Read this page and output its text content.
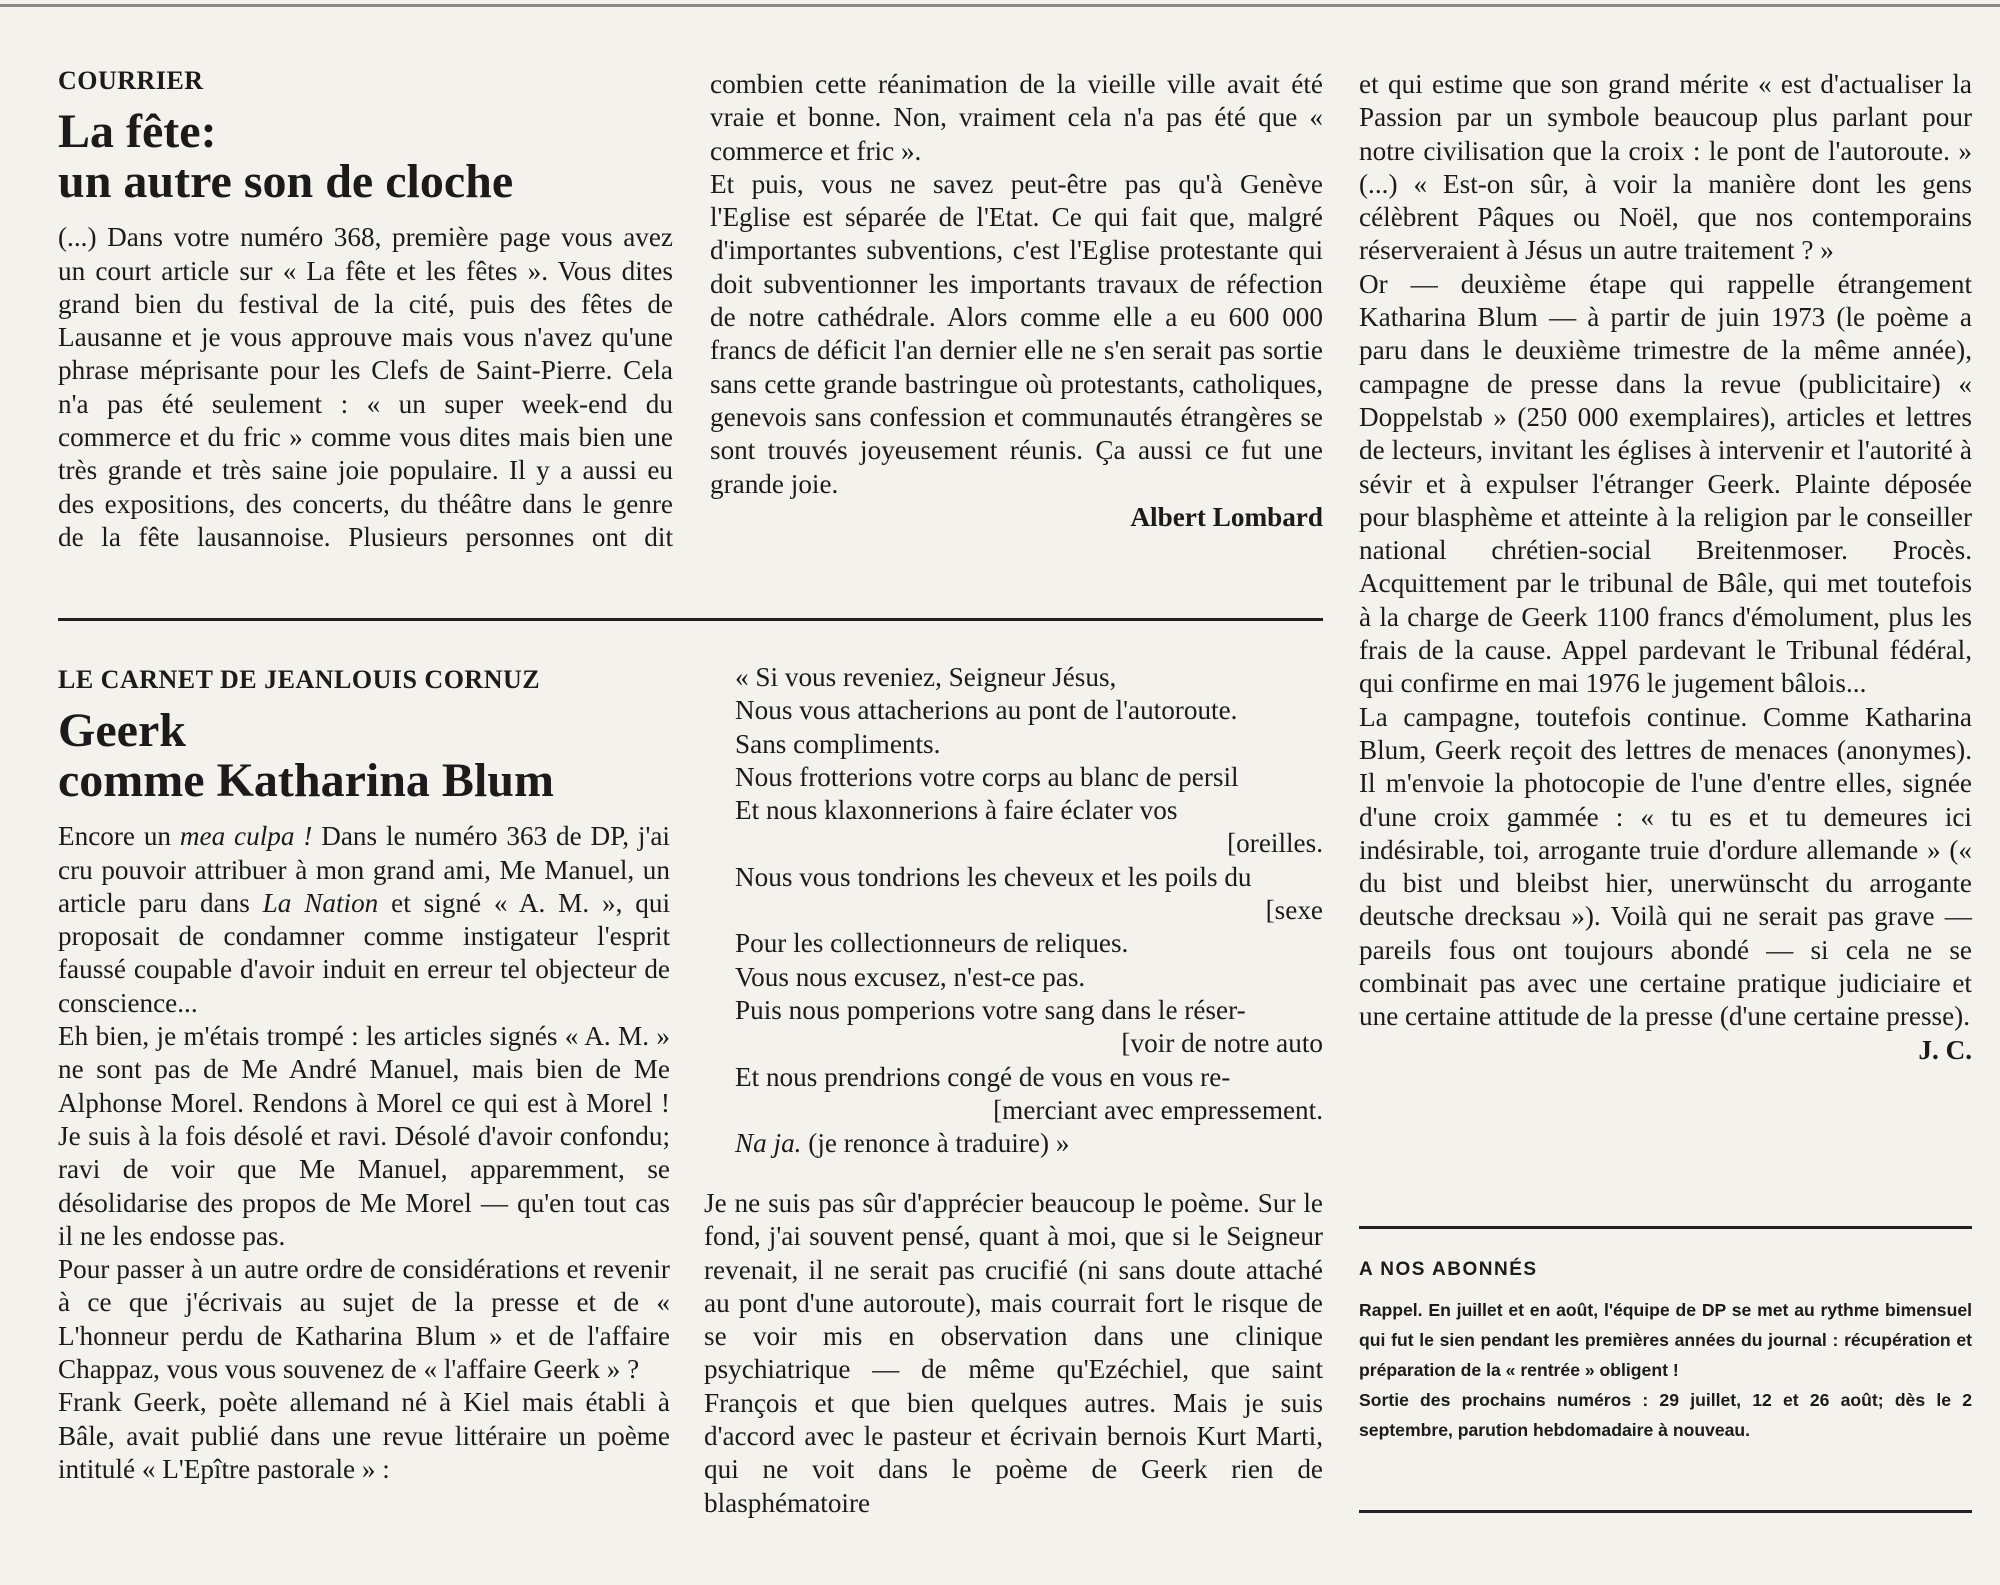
COURRIER

La fête:

un autre son de cloche

(...) Dans votre numéro 368, première page vous avez un court article sur « La fête et les fêtes ». Vous dites grand bien du festival de la cité, puis des fêtes de Lausanne et je vous approuve mais vous n'avez qu'une phrase méprisante pour les Clefs de Saint-Pierre. Cela n'a pas été seulement : « un super week-end du commerce et du fric » comme vous dites mais bien une très grande et très saine joie populaire. Il y a aussi eu des expositions, des concerts, du théâtre dans le genre de la fête lausannoise. Plusieurs personnes ont dit

combien cette réanimation de la vieille ville avait été vraie et bonne. Non, vraiment cela n'a pas été que « commerce et fric ».

Et puis, vous ne savez peut-être pas qu'à Genève l'Eglise est séparée de l'Etat. Ce qui fait que, malgré d'importantes subventions, c'est l'Eglise protestante qui doit subventionner les importants travaux de réfection de notre cathédrale. Alors comme elle a eu 600 000 francs de déficit l'an dernier elle ne s'en serait pas sortie sans cette grande bastringue où protestants, catholiques, genevois sans confession et communautés étrangères se sont trouvés joyeusement réunis. Ça aussi ce fut une grande joie.

Albert Lombard

LE CARNET DE JEANLOUIS CORNUZ

Geerk

comme Katharina Blum

Encore un mea culpa ! Dans le numéro 363 de DP, j'ai cru pouvoir attribuer à mon grand ami, Me Manuel, un article paru dans La Nation et signé « A. M. », qui proposait de condamner comme instigateur l'esprit faussé coupable d'avoir induit en erreur tel objecteur de conscience...

Eh bien, je m'étais trompé : les articles signés « A. M. » ne sont pas de Me André Manuel, mais bien de Me Alphonse Morel. Rendons à Morel ce qui est à Morel ! Je suis à la fois désolé et ravi. Désolé d'avoir confondu; ravi de voir que Me Manuel, apparemment, se désolidarise des propos de Me Morel — qu'en tout cas il ne les endosse pas.

Pour passer à un autre ordre de considérations et revenir à ce que j'écrivais au sujet de la presse et de « L'honneur perdu de Katharina Blum » et de l'affaire Chappaz, vous vous souvenez de « l'affaire Geerk » ?

Frank Geerk, poète allemand né à Kiel mais établi à Bâle, avait publié dans une revue littéraire un poème intitulé « L'Epître pastorale » :

« Si vous reveniez, Seigneur Jésus,
Nous vous attacherions au pont de l'autoroute.
Sans compliments.
Nous frotterions votre corps au blanc de persil
Et nous klaxonnerions à faire éclater vos
[oreilles.
Nous vous tondrions les cheveux et les poils du
[sexe
Pour les collectionneurs de reliques.
Vous nous excusez, n'est-ce pas.
Puis nous pomperions votre sang dans le réser-
[voir de notre auto
Et nous prendrions congé de vous en vous re-
[merciant avec empressement.
Na ja. (je renonce à traduire) »

Je ne suis pas sûr d'apprécier beaucoup le poème. Sur le fond, j'ai souvent pensé, quant à moi, que si le Seigneur revenait, il ne serait pas crucifié (ni sans doute attaché au pont d'une autoroute), mais courrait fort le risque de se voir mis en observation dans une clinique psychiatrique — de même qu'Ezéchiel, que saint François et que bien quelques autres. Mais je suis d'accord avec le pasteur et écrivain bernois Kurt Marti, qui ne voit dans le poème de Geerk rien de blasphématoire

et qui estime que son grand mérite « est d'actualiser la Passion par un symbole beaucoup plus parlant pour notre civilisation que la croix : le pont de l'autoroute. » (...) « Est-on sûr, à voir la manière dont les gens célèbrent Pâques ou Noël, que nos contemporains réserveraient à Jésus un autre traitement ? »

Or — deuxième étape qui rappelle étrangement Katharina Blum — à partir de juin 1973 (le poème a paru dans le deuxième trimestre de la même année), campagne de presse dans la revue (publicitaire) « Doppelstab » (250 000 exemplaires), articles et lettres de lecteurs, invitant les églises à intervenir et l'autorité à sévir et à expulser l'étranger Geerk. Plainte déposée pour blasphème et atteinte à la religion par le conseiller national chrétien-social Breitenmoser. Procès. Acquittement par le tribunal de Bâle, qui met toutefois à la charge de Geerk 1100 francs d'émolument, plus les frais de la cause. Appel pardevant le Tribunal fédéral, qui confirme en mai 1976 le jugement bâlois...

La campagne, toutefois continue. Comme Katharina Blum, Geerk reçoit des lettres de menaces (anonymes). Il m'envoie la photocopie de l'une d'entre elles, signée d'une croix gammée : « tu es et tu demeures ici indésirable, toi, arrogante truie d'ordure allemande » (« du bist und bleibst hier, unerwünscht du arrogante deutsche drecksau »). Voilà qui ne serait pas grave — pareils fous ont toujours abondé — si cela ne se combinait pas avec une certaine pratique judiciaire et une certaine attitude de la presse (d'une certaine presse).

J. C.

A NOS ABONNÉS

Rappel. En juillet et en août, l'équipe de DP se met au rythme bimensuel qui fut le sien pendant les premières années du journal : récupération et préparation de la « rentrée » obligent !

Sortie des prochains numéros : 29 juillet, 12 et 26 août; dès le 2 septembre, parution hebdomadaire à nouveau.
